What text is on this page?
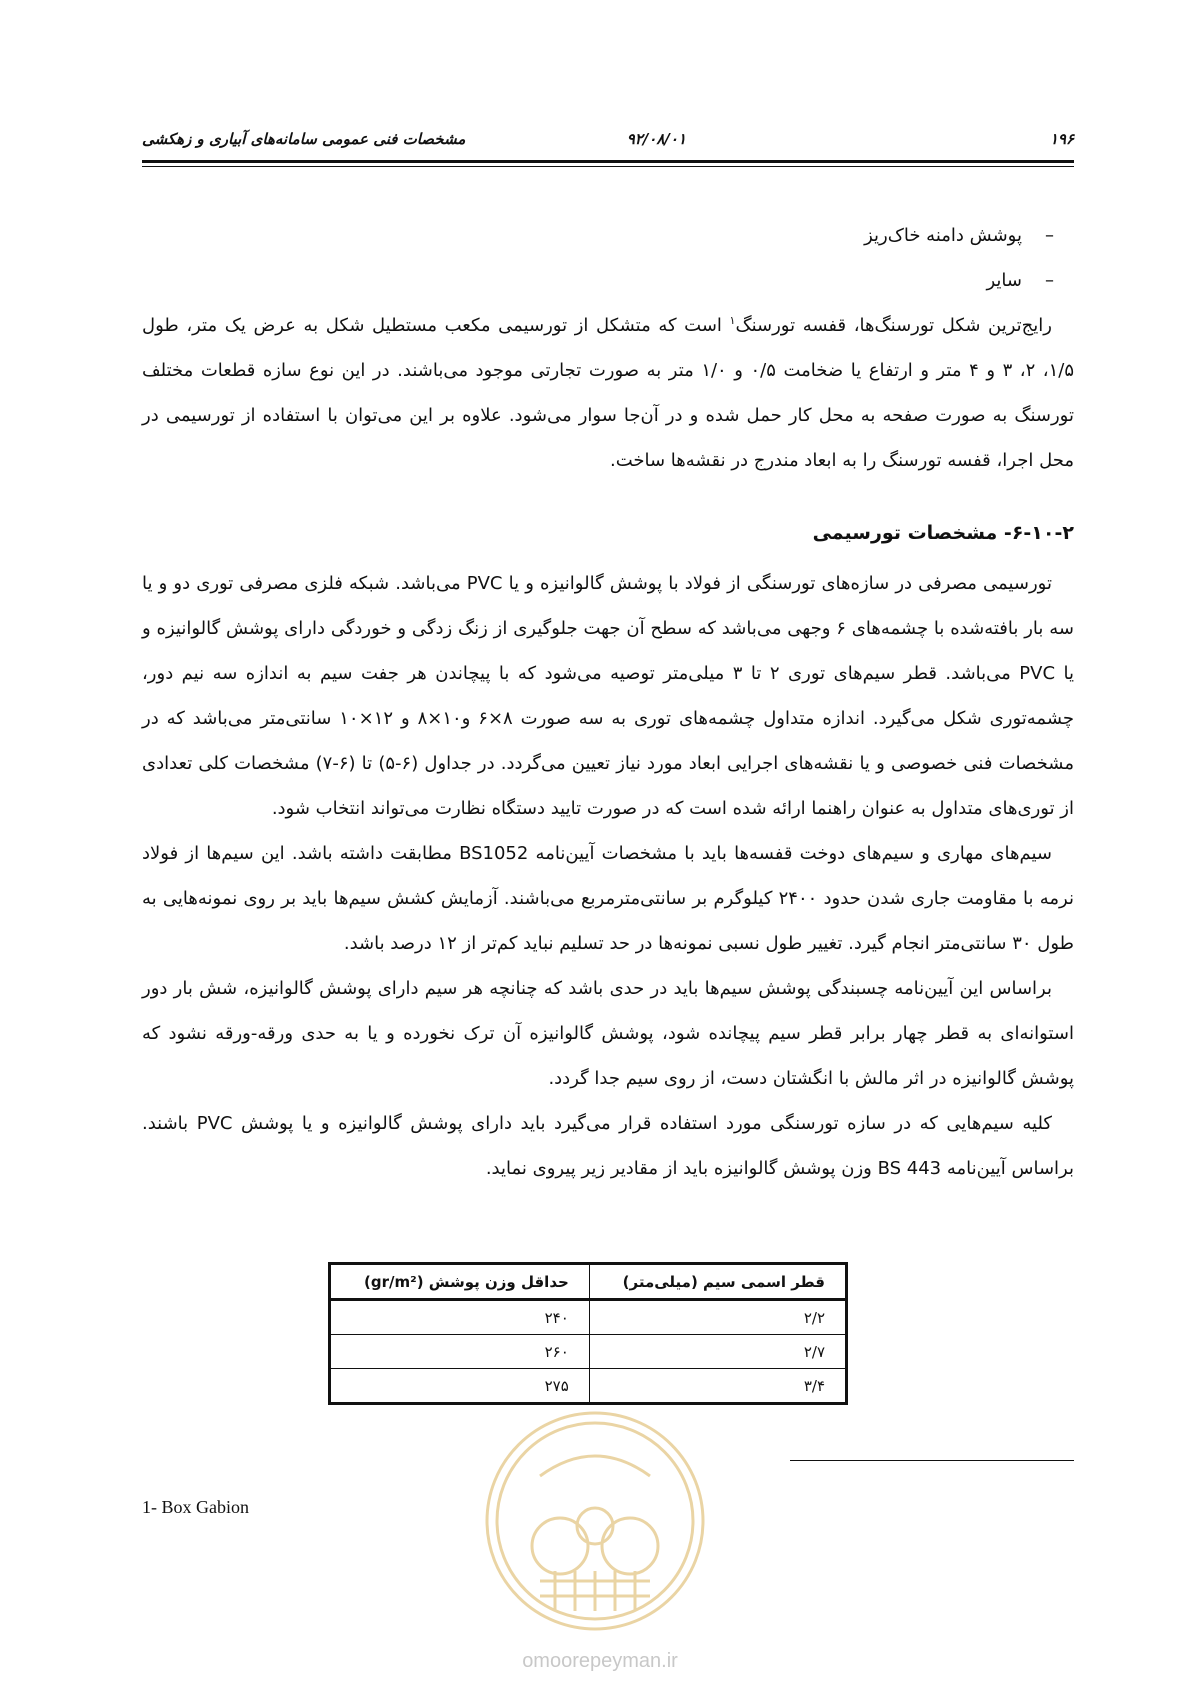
۱۹۶
۹۲/۰۸/۰۱
مشخصات فنی عمومی سامانه‌های آبیاری و زهکشی
–پوشش دامنه خاک‌ریز
–سایر

رایج‌ترین شکل تورسنگ‌ها، قفسه تورسنگ$^۱$ است که متشکل از تورسیمی مکعب مستطیل شکل به عرض یک متر، طول ۱/۵، ۲، ۳ و ۴ متر و ارتفاع یا ضخامت ۰/۵ و ۱/۰ متر به صورت تجارتی موجود می‌باشند. در این نوع سازه قطعات مختلف تورسنگ به صورت صفحه به محل کار حمل شده و در آن‌جا سوار می‌شود. علاوه بر این می‌توان با استفاده از تورسیمی در محل اجرا، قفسه تورسنگ را به ابعاد مندرج در نقشه‌ها ساخت.

۶-۱۰-۲- مشخصات تورسیمی

تورسیمی مصرفی در سازه‌های تورسنگی از فولاد با پوشش گالوانیزه و یا PVC می‌باشد. شبکه فلزی مصرفی توری دو و یا سه بار بافته‌شده با چشمه‌های ۶ وجهی می‌باشد که سطح آن جهت جلوگیری از زنگ زدگی و خوردگی دارای پوشش گالوانیزه و یا PVC می‌باشد. قطر سیم‌های توری ۲ تا ۳ میلی‌متر توصیه می‌شود که با پیچاندن هر جفت سیم به اندازه سه نیم دور، چشمه‌توری شکل می‌گیرد. اندازه متداول چشمه‌های توری به سه صورت ۸×۶ و۱۰×۸ و ۱۲×۱۰ سانتی‌متر می‌باشد که در مشخصات فنی خصوصی و یا نقشه‌های اجرایی ابعاد مورد نیاز تعیین می‌گردد. در جداول (۶-۵) تا (۶-۷) مشخصات کلی تعدادی از توری‌های متداول به عنوان راهنما ارائه شده است که در صورت تایید دستگاه نظارت می‌تواند انتخاب شود.

سیم‌های مهاری و سیم‌های دوخت قفسه‌ها باید با مشخصات آیین‌نامه BS1052 مطابقت داشته باشد. این سیم‌ها از فولاد نرمه با مقاومت جاری شدن حدود ۲۴۰۰ کیلوگرم بر سانتی‌مترمربع می‌باشند. آزمایش کشش سیم‌ها باید بر روی نمونه‌هایی به طول ۳۰ سانتی‌متر انجام گیرد. تغییر طول نسبی نمونه‌ها در حد تسلیم نباید کم‌تر از ۱۲ درصد باشد.

براساس این آیین‌نامه چسبندگی پوشش سیم‌ها باید در حدی باشد که چنانچه هر سیم دارای پوشش گالوانیزه، شش بار دور استوانه‌ای به قطر چهار برابر قطر سیم پیچانده شود، پوشش گالوانیزه آن ترک نخورده و یا به حدی ورقه-ورقه نشود که پوشش گالوانیزه در اثر مالش با انگشتان دست، از روی سیم جدا گردد.

کلیه سیم‌هایی که در سازه تورسنگی مورد استفاده قرار می‌گیرد باید دارای پوشش گالوانیزه و یا پوشش PVC باشند. براساس آیین‌نامه BS 443 وزن پوشش گالوانیزه باید از مقادیر زیر پیروی نماید.

قطر اسمی سیم (میلی‌متر)	حداقل وزن پوشش (gr/m²)
۲/۲	۲۴۰
۲/۷	۲۶۰
۳/۴	۲۷۵
omoorepeyman.ir
1- Box Gabion
